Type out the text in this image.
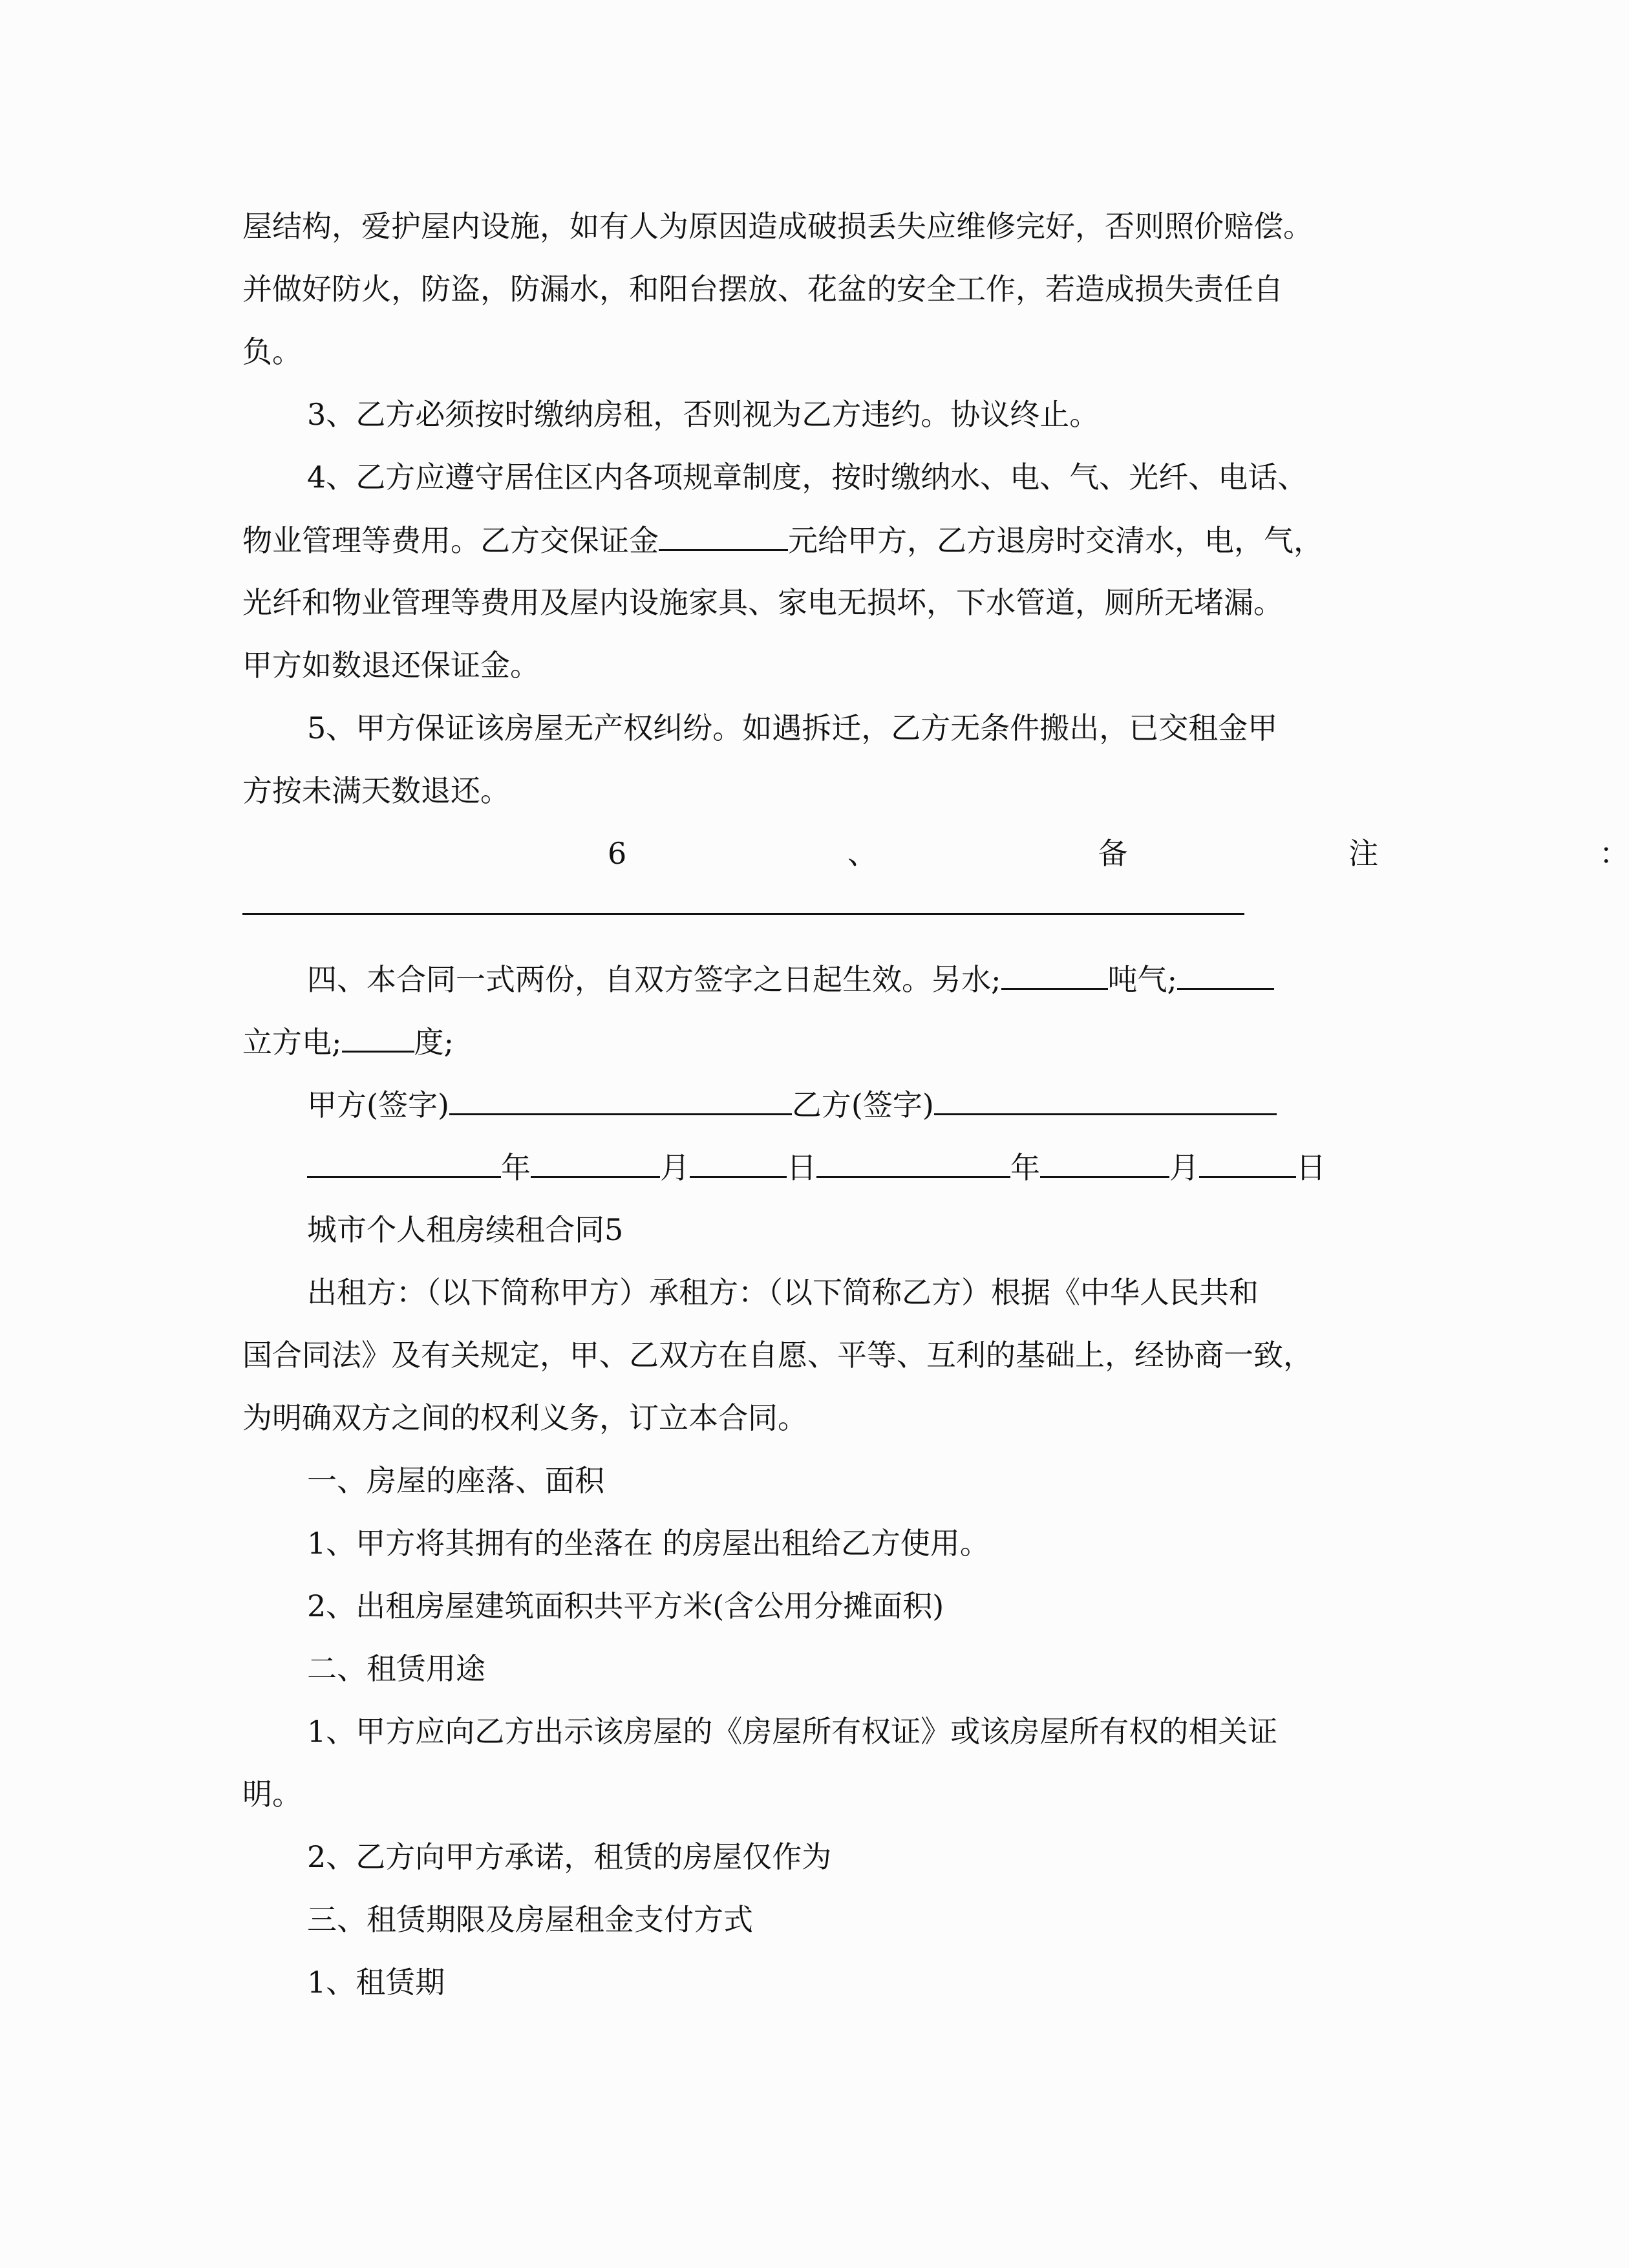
屋结构，爱护屋内设施，如有人为原因造成破损丢失应维修完好，否则照价赔偿。
并做好防火，防盗，防漏水，和阳台摆放、花盆的安全工作，若造成损失责任自
负。
3、乙方必须按时缴纳房租，否则视为乙方违约。协议终止。
4、乙方应遵守居住区内各项规章制度，按时缴纳水、电、气、光纤、电话、
物业管理等费用。乙方交保证金	元给甲方，乙方退房时交清水，电，气，
光纤和物业管理等费用及屋内设施家具、家电无损坏，下水管道，厕所无堵漏。
甲方如数退还保证金。
5、甲方保证该房屋无产权纠纷。如遇拆迁，乙方无条件搬出，已交租金甲
方按未满天数退还。
6	、	备	注	：
四、本合同一式两份，自双方签字之日起生效。另水;	吨气;
立方电; 度;
甲方(签字)	乙方(签字)
年	月	日	年	月	日
城市个人租房续租合同5
出租方：（以下简称甲方）承租方：（以下简称乙方）根据《中华人民共和
国合同法》及有关规定，甲、乙双方在自愿、平等、互利的基础上，经协商一致，
为明确双方之间的权利义务，订立本合同。
一、房屋的座落、面积
1、甲方将其拥有的坐落在 的房屋出租给乙方使用。
2、出租房屋建筑面积共平方米(含公用分摊面积)
二、租赁用途
1、甲方应向乙方出示该房屋的《房屋所有权证》或该房屋所有权的相关证
明。
2、乙方向甲方承诺，租赁的房屋仅作为
三、租赁期限及房屋租金支付方式
1、租赁期
